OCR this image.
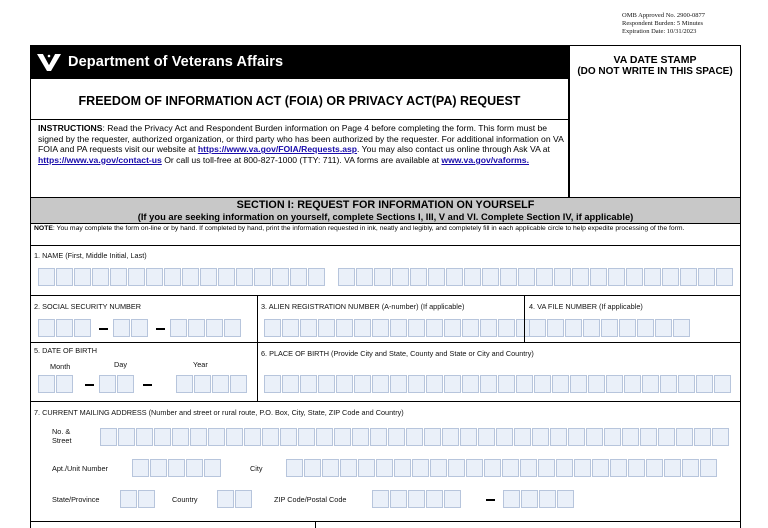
OMB Approved No. 2900-0877
Respondent Burden: 5 Minutes
Expiration Date: 10/31/2023
Department of Veterans Affairs	VA DATE STAMP
(DO NOT WRITE IN THIS SPACE)
FREEDOM OF INFORMATION ACT (FOIA) OR PRIVACY ACT(PA) REQUEST
INSTRUCTIONS: Read the Privacy Act and Respondent Burden information on Page 4 before completing the form. This form must be signed by the requester, authorized organization, or third party who has been authorized by the requester. For additional information on VA FOIA and PA requests visit our website at https://www.va.gov/FOIA/Requests.asp. You may also contact us online through Ask VA at https://www.va.gov/contact-us Or call us toll-free at 800-827-1000 (TTY: 711). VA forms are available at www.va.gov/vaforms.
SECTION I: REQUEST FOR INFORMATION ON YOURSELF
(If you are seeking information on yourself, complete Sections I, III, V and VI. Complete Section IV, if applicable)
NOTE: You may complete the form on-line or by hand. If completed by hand, print the information requested in ink, neatly and legibly, and completely fill in each applicable circle to help expedite processing of the form.
1. NAME (First, Middle Initial, Last)
2. SOCIAL SECURITY NUMBER	3. ALIEN REGISTRATION NUMBER (A-number) (If applicable)	4. VA FILE NUMBER (If applicable)
5. DATE OF BIRTH
Month	Day	Year
6. PLACE OF BIRTH (Provide City and State, County and State or City and Country)
7. CURRENT MAILING ADDRESS (Number and street or rural route, P.O. Box, City, State, ZIP Code and Country)
No. &
Street
Apt./Unit Number	City
State/Province	Country	ZIP Code/Postal Code
